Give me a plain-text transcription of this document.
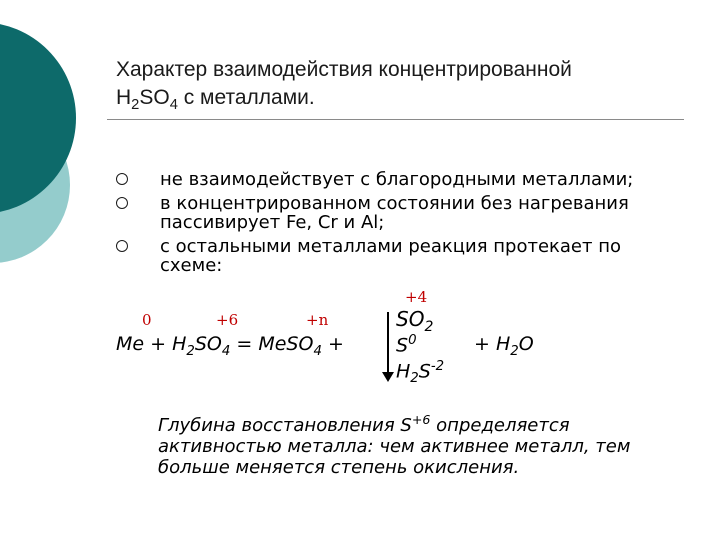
Характер взаимодействия концентрированной
$H_2SO_4$ с металлами.
не взаимодействует с благородными металлами;
в концентрированном состоянии без нагревания пассивирует Fe, Cr и Al;
с остальными металлами реакция протекает по схеме:
0	+6	+n
+4
$Me + H_2SO_4$ = MeSO$_4$ +
$SO_2$
$S^0$
$H_2S^{-2}$
+ $H_2O$
Глубина восстановления $S^{+6}$ определяется активностью металла: чем активнее металл, тем больше меняется степень окисления.
